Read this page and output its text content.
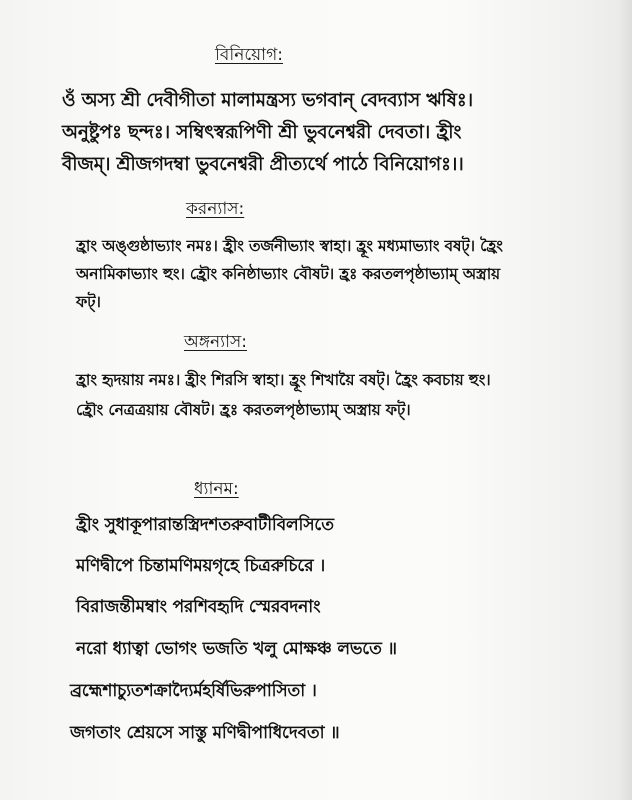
বিনিয়োগ:
ওঁ অস্য শ্রী দেবীগীতা মালামন্ত্রস্য ভগবান্ বেদব্যাস ঋষিঃ।
অনুষ্টুপঃ ছন্দঃ। সম্বিৎস্বরূপিণী শ্রী ভুবনেশ্বরী দেবতা। হ্রীং
বীজম্। শ্রীজগদম্বা ভুবনেশ্বরী প্রীত্যর্থে পাঠে বিনিয়োগঃ।।
করন্যাস:
হ্রাং অঙ্গুষ্ঠাভ্যাং নমঃ। হ্রীং তর্জনীভ্যাং স্বাহা। হ্রূং মধ্যমাভ্যাং বষট্। হ্রৈং
অনামিকাভ্যাং হুং। হ্রৌং কনিষ্ঠাভ্যাং বৌষট। হ্রঃ করতলপৃষ্ঠাভ্যাম্ অস্ত্রায়
ফট্।
অঙ্গন্যাস:
হ্রাং হৃদয়ায় নমঃ। হ্রীং শিরসি স্বাহা। হ্রূং শিখায়ৈ বষট্। হ্রৈং কবচায় হুং।
হ্রৌং নেত্রত্রয়ায় বৌষট। হ্রঃ করতলপৃষ্ঠাভ্যাম্ অস্ত্রায় ফট্।
ধ্যানম:
হ্রীং সুধাকূপারান্তস্ত্রিদশতরুবাটীবিলসিতে
মণিদ্বীপে চিন্তামণিময়গৃহে চিত্ররুচিরে ।
বিরাজন্তীমম্বাং পরশিবহৃদি স্মেরবদনাং
নরো ধ্যাত্বা ভোগং ভজতি খলু মোক্ষঞ্চ লভতে ॥
ব্রহ্মেশাচ্যুতশক্রাদ্যৈর্মহর্ষিভিরুপাসিতা ।
জগতাং শ্রেয়সে সাস্তু মণিদ্বীপাধিদেবতা ॥
